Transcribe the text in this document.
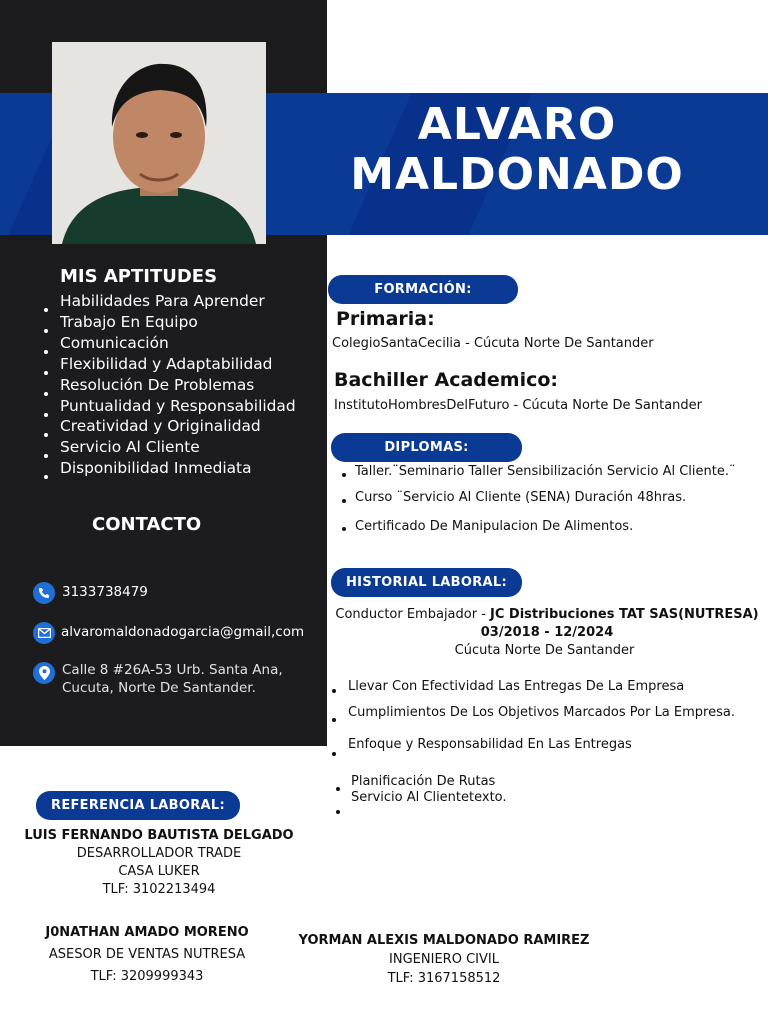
ALVARO
MALDONADO
MIS APTITUDES
Habilidades Para Aprender
Trabajo En Equipo
Comunicación
Flexibilidad y Adaptabilidad
Resolución De Problemas
Puntualidad y Responsabilidad
Creatividad y Originalidad
Servicio Al Cliente
Disponibilidad Inmediata
CONTACTO
3133738479
alvaromaldonadogarcia@gmail,com
Calle 8 #26A-53 Urb. Santa Ana,
Cucuta, Norte De Santander.
FORMACIÓN:
Primaria:
ColegioSantaCecilia - Cúcuta Norte De Santander
Bachiller Academico:
InstitutoHombresDelFuturo - Cúcuta Norte De Santander
DIPLOMAS:
Taller.¨Seminario Taller Sensibilización Servicio Al Cliente.¨
Curso ¨Servicio Al Cliente (SENA) Duración 48hras.
Certificado De Manipulacion De Alimentos.
HISTORIAL LABORAL:
Conductor Embajador - JC Distribuciones TAT SAS(NUTRESA)
03/2018 - 12/2024
Cúcuta Norte De Santander
Llevar Con Efectividad Las Entregas De La Empresa
Cumplimientos De Los Objetivos Marcados Por La Empresa.
Enfoque y Responsabilidad En Las Entregas
Planificación De Rutas
Servicio Al Clientetexto.
REFERENCIA LABORAL:
LUIS FERNANDO BAUTISTA DELGADO
DESARROLLADOR TRADE
CASA LUKER
TLF: 3102213494
J0NATHAN AMADO MORENO
ASESOR DE VENTAS NUTRESA
TLF: 3209999343
YORMAN ALEXIS MALDONADO RAMIREZ
INGENIERO CIVIL
TLF: 3167158512
